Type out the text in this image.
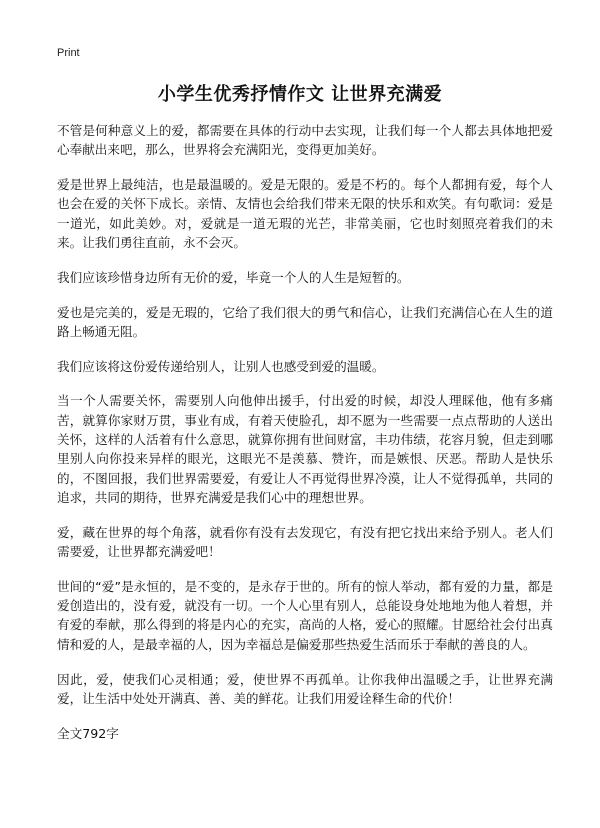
Print
小学生优秀抒情作文 让世界充满爱

不管是何种意义上的爱，都需要在具体的行动中去实现，让我们每一个人都去具体地把爱心奉献出来吧，那么，世界将会充满阳光，变得更加美好。

爱是世界上最纯洁，也是最温暖的。爱是无限的。爱是不朽的。每个人都拥有爱，每个人也会在爱的关怀下成长。亲情、友情也会给我们带来无限的快乐和欢笑。有句歌词：爱是一道光，如此美妙。对，爱就是一道无瑕的光芒，非常美丽，它也时刻照亮着我们的未来。让我们勇往直前，永不会灭。

我们应该珍惜身边所有无价的爱，毕竟一个人的人生是短暂的。

爱也是完美的，爱是无瑕的，它给了我们很大的勇气和信心，让我们充满信心在人生的道路上畅通无阻。

我们应该将这份爱传递给别人，让别人也感受到爱的温暖。

当一个人需要关怀，需要别人向他伸出援手，付出爱的时候，却没人理睬他，他有多痛苦，就算你家财万贯，事业有成，有着天使脸孔，却不愿为一些需要一点点帮助的人送出关怀，这样的人活着有什么意思，就算你拥有世间财富，丰功伟绩，花容月貌，但走到哪里别人向你投来异样的眼光，这眼光不是羡慕、赞许，而是嫉恨、厌恶。帮助人是快乐的，不图回报，我们世界需要爱，有爱让人不再觉得世界冷漠，让人不觉得孤单，共同的追求，共同的期待，世界充满爱是我们心中的理想世界。

爱，藏在世界的每个角落，就看你有没有去发现它，有没有把它找出来给予别人。老人们需要爱，让世界都充满爱吧！

世间的“爱”是永恒的，是不变的，是永存于世的。所有的惊人举动，都有爱的力量，都是爱创造出的，没有爱，就没有一切。一个人心里有别人，总能设身处地地为他人着想，并有爱的奉献，那么得到的将是内心的充实，高尚的人格，爱心的照耀。甘愿给社会付出真情和爱的人，是最幸福的人，因为幸福总是偏爱那些热爱生活而乐于奉献的善良的人。

因此，爱，使我们心灵相通；爱，使世界不再孤单。让你我伸出温暖之手，让世界充满爱，让生活中处处开满真、善、美的鲜花。让我们用爱诠释生命的代价！

全文792字
